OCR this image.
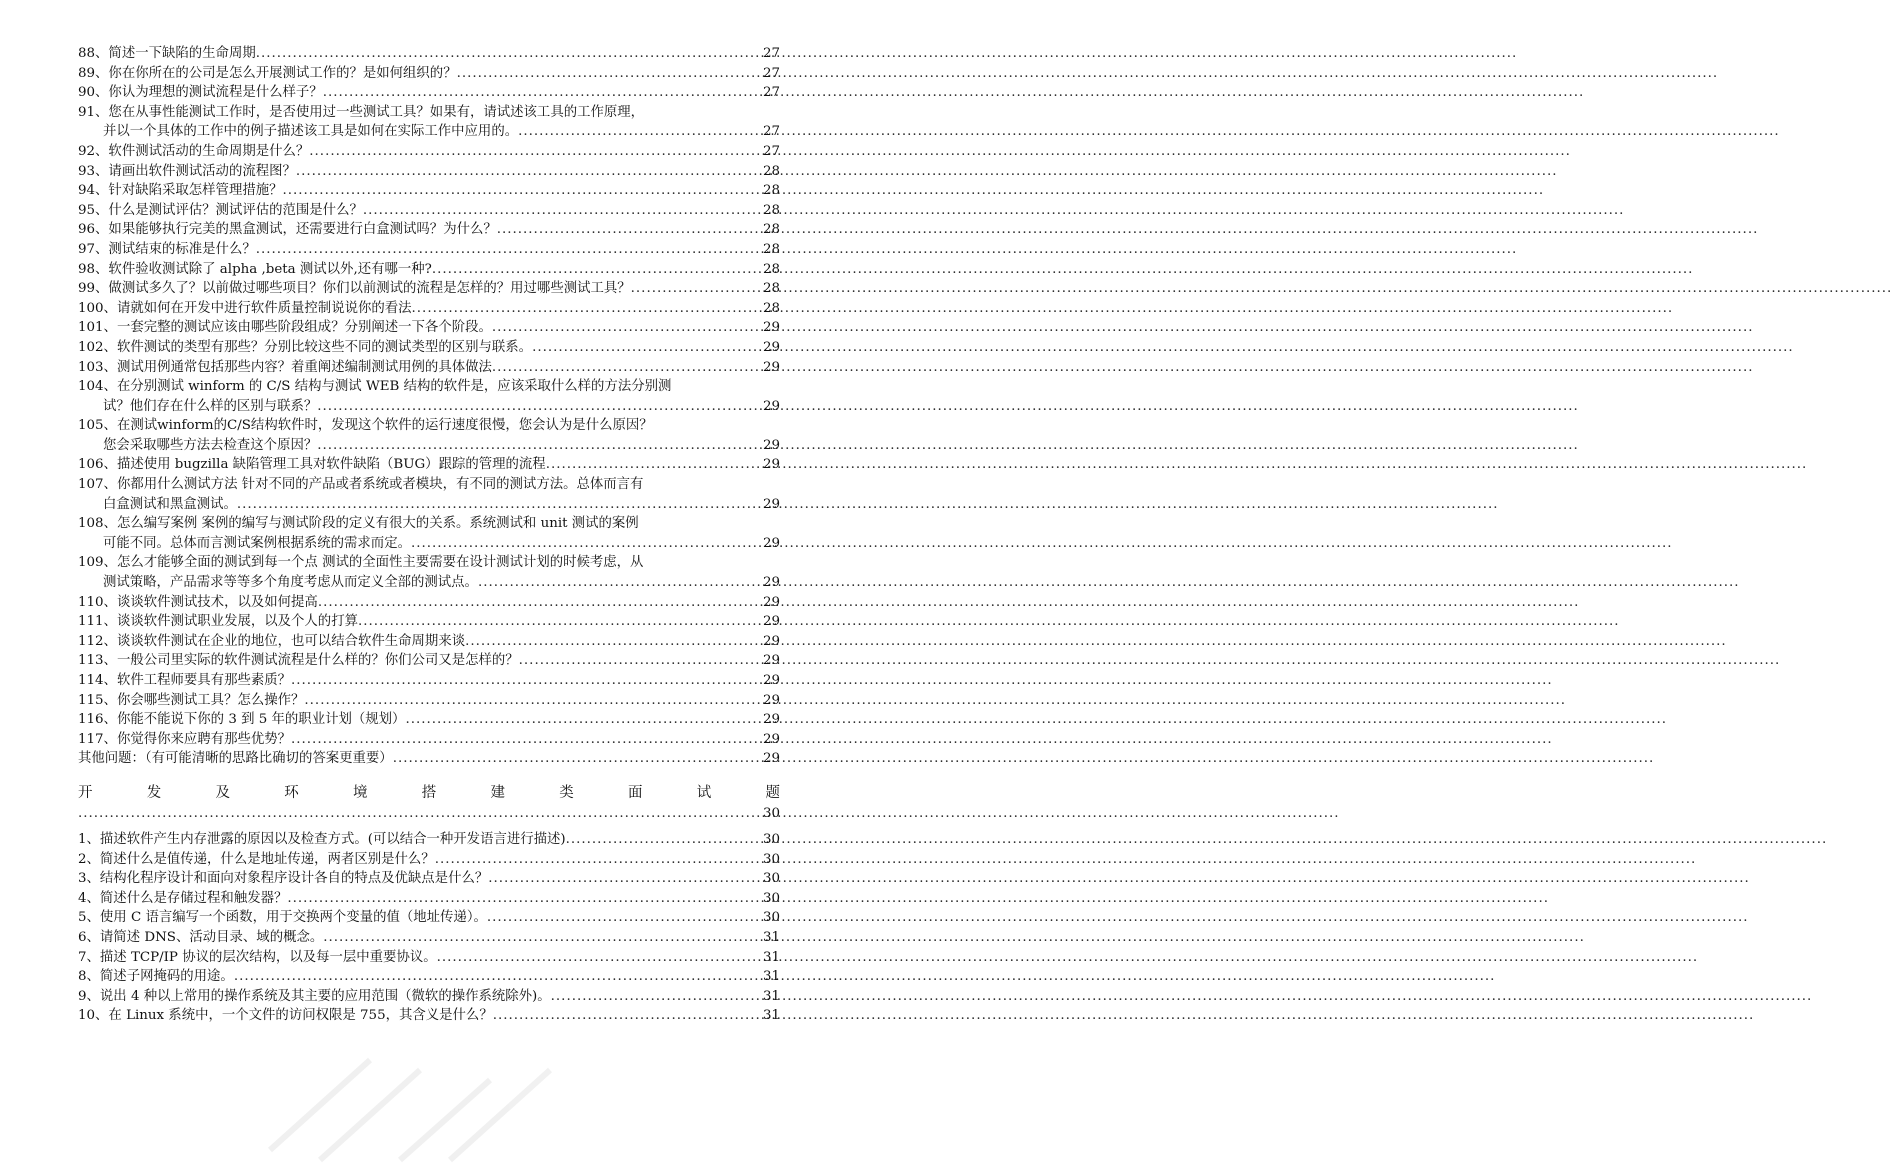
88、简述一下缺陷的生命周期 .....	27
89、你在你所在的公司是怎么开展测试工作的？是如何组织的？ .....	27
90、你认为理想的测试流程是什么样子？ .....	27
91、您在从事性能测试工作时，是否使用过一些测试工具？如果有，请试述该工具的工作原理，
并以一个具体的工作中的例子描述该工具是如何在实际工作中应用的。 .....	27
92、软件测试活动的生命周期是什么？ .....	27
93、请画出软件测试活动的流程图？ .....	28
94、针对缺陷采取怎样管理措施？ .....	28
95、什么是测试评估？测试评估的范围是什么？ .....	28
96、如果能够执行完美的黑盒测试，还需要进行白盒测试吗？为什么？ .....	28
97、测试结束的标准是什么？ .....	28
98、软件验收测试除了 alpha ,beta 测试以外,还有哪一种? .....	28
99、做测试多久了？以前做过哪些项目？你们以前测试的流程是怎样的？用过哪些测试工具？ .....	28
100、请就如何在开发中进行软件质量控制说说你的看法 .....	28
101、一套完整的测试应该由哪些阶段组成？分别阐述一下各个阶段。 .....	29
102、软件测试的类型有那些？分别比较这些不同的测试类型的区别与联系。 .....	29
103、测试用例通常包括那些内容？着重阐述编制测试用例的具体做法 .....	29
104、在分别测试 winform 的 C/S 结构与测试 WEB 结构的软件是，应该采取什么样的方法分别测
试？他们存在什么样的区别与联系？ .....	29
105、在测试winform的C/S结构软件时，发现这个软件的运行速度很慢，您会认为是什么原因？
您会采取哪些方法去检查这个原因？ .....	29
106、描述使用 bugzilla 缺陷管理工具对软件缺陷（BUG）跟踪的管理的流程 .....	29
107、你都用什么测试方法 针对不同的产品或者系统或者模块，有不同的测试方法。总体而言有
白盒测试和黑盒测试。 .....	29
108、怎么编写案例 案例的编写与测试阶段的定义有很大的关系。系统测试和 unit 测试的案例
可能不同。总体而言测试案例根据系统的需求而定。 .....	29
109、怎么才能够全面的测试到每一个点 测试的全面性主要需要在设计测试计划的时候考虑，从
测试策略，产品需求等等多个角度考虑从而定义全部的测试点。 .....	29
110、谈谈软件测试技术，以及如何提高 .....	29
111、谈谈软件测试职业发展，以及个人的打算 .....	29
112、谈谈软件测试在企业的地位，也可以结合软件生命周期来谈 .....	29
113、一般公司里实际的软件测试流程是什么样的？你们公司又是怎样的？ .....	29
114、软件工程师要具有那些素质？ .....	29
115、你会哪些测试工具？怎么操作？ .....	29
116、你能不能说下你的 3 到 5 年的职业计划（规划） .....	29
117、你觉得你来应聘有那些优势？ .....	29
其他问题：（有可能清晰的思路比确切的答案更重要） .....	29
开	发	及	环	境	搭	建	类	面	试	题
.....
30
1、描述软件产生内存泄露的原因以及检查方式。(可以结合一种开发语言进行描述) .....	30
2、简述什么是值传递，什么是地址传递，两者区别是什么？ .....	30
3、结构化程序设计和面向对象程序设计各自的特点及优缺点是什么？ .....	30
4、简述什么是存储过程和触发器？ .....	30
5、使用 C 语言编写一个函数，用于交换两个变量的值（地址传递）。 .....	30
6、请简述 DNS、活动目录、域的概念。 .....	31
7、描述 TCP/IP 协议的层次结构，以及每一层中重要协议。 .....	31
8、简述子网掩码的用途。 .....	31
9、说出 4 种以上常用的操作系统及其主要的应用范围（微软的操作系统除外)。 .....	31
10、在 Linux 系统中，一个文件的访问权限是 755，其含义是什么？ .....	31
